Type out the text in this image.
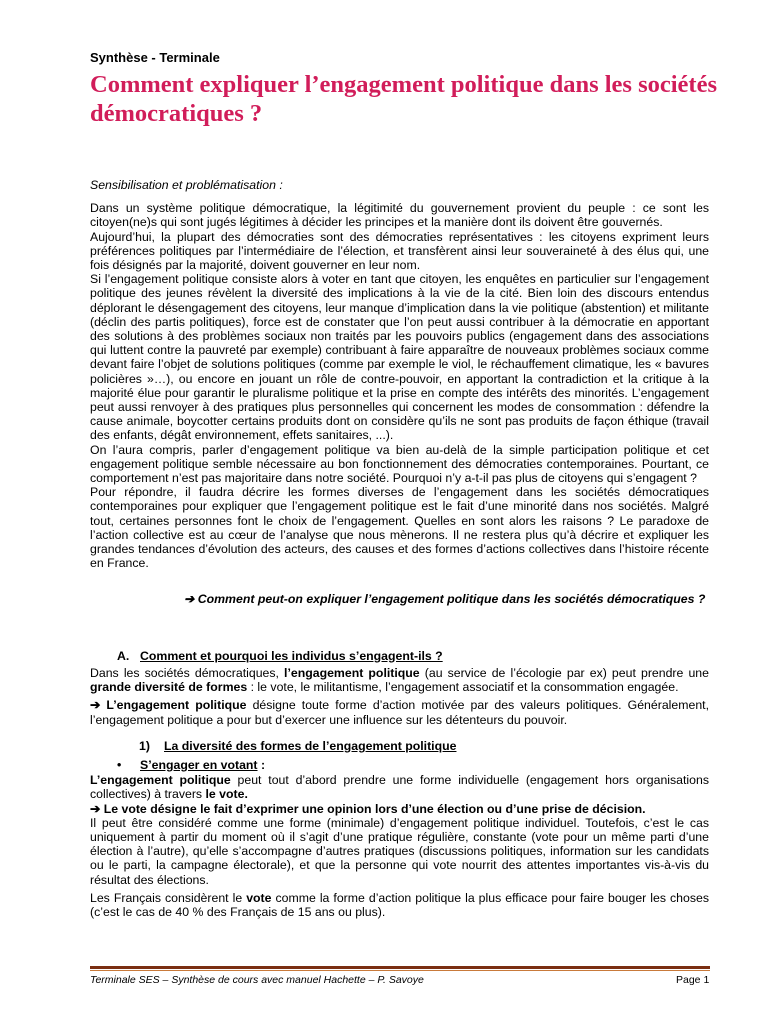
Synthèse - Terminale
Comment expliquer l’engagement politique dans les sociétés démocratiques ?

Sensibilisation et problématisation :

Dans un système politique démocratique, la légitimité du gouvernement provient du peuple : ce sont les citoyen(ne)s qui sont jugés légitimes à décider les principes et la manière dont ils doivent être gouvernés.

Aujourd’hui, la plupart des démocraties sont des démocraties représentatives : les citoyens expriment leurs préférences politiques par l’intermédiaire de l’élection, et transfèrent ainsi leur souveraineté à des élus qui, une fois désignés par la majorité, doivent gouverner en leur nom.

Si l’engagement politique consiste alors à voter en tant que citoyen, les enquêtes en particulier sur l’engagement politique des jeunes révèlent la diversité des implications à la vie de la cité. Bien loin des discours entendus déplorant le désengagement des citoyens, leur manque d’implication dans la vie politique (abstention) et militante (déclin des partis politiques), force est de constater que l’on peut aussi contribuer à la démocratie en apportant des solutions à des problèmes sociaux non traités par les pouvoirs publics (engagement dans des associations qui luttent contre la pauvreté par exemple) contribuant à faire apparaître de nouveaux problèmes sociaux comme devant faire l’objet de solutions politiques (comme par exemple le viol, le réchauffement climatique, les « bavures policières »…), ou encore en jouant un rôle de contre-pouvoir, en apportant la contradiction et la critique à la majorité élue pour garantir le pluralisme politique et la prise en compte des intérêts des minorités. L’engagement peut aussi renvoyer à des pratiques plus personnelles qui concernent les modes de consommation : défendre la cause animale, boycotter certains produits dont on considère qu’ils ne sont pas produits de façon éthique (travail des enfants, dégât environnement, effets sanitaires, ...).

On l’aura compris, parler d’engagement politique va bien au-delà de la simple participation politique et cet engagement politique semble nécessaire au bon fonctionnement des démocraties contemporaines. Pourtant, ce comportement n’est pas majoritaire dans notre société. Pourquoi n’y a-t-il pas plus de citoyens qui s’engagent ?

Pour répondre, il faudra décrire les formes diverses de l’engagement dans les sociétés démocratiques contemporaines pour expliquer que l’engagement politique est le fait d’une minorité dans nos sociétés. Malgré tout, certaines personnes font le choix de l’engagement. Quelles en sont alors les raisons ? Le paradoxe de l’action collective est au cœur de l’analyse que nous mènerons. Il ne restera plus qu’à décrire et expliquer les grandes tendances d’évolution des acteurs, des causes et des formes d’actions collectives dans l’histoire récente en France.

➔ Comment peut-on expliquer l’engagement politique dans les sociétés démocratiques ?

A. Comment et pourquoi les individus s’engagent-ils ?

Dans les sociétés démocratiques, l’engagement politique (au service de l’écologie par ex) peut prendre une grande diversité de formes : le vote, le militantisme, l’engagement associatif et la consommation engagée.

➔ L’engagement politique désigne toute forme d’action motivée par des valeurs politiques. Généralement, l’engagement politique a pour but d’exercer une influence sur les détenteurs du pouvoir.

1) La diversité des formes de l’engagement politique

• S’engager en votant :

L’engagement politique peut tout d’abord prendre une forme individuelle (engagement hors organisations collectives) à travers le vote.

➔ Le vote désigne le fait d’exprimer une opinion lors d’une élection ou d’une prise de décision.

Il peut être considéré comme une forme (minimale) d’engagement politique individuel. Toutefois, c’est le cas uniquement à partir du moment où il s’agit d’une pratique régulière, constante (vote pour un même parti d’une élection à l’autre), qu’elle s’accompagne d’autres pratiques (discussions politiques, information sur les candidats ou le parti, la campagne électorale), et que la personne qui vote nourrit des attentes importantes vis-à-vis du résultat des élections.

Les Français considèrent le vote comme la forme d’action politique la plus efficace pour faire bouger les choses (c’est le cas de 40 % des Français de 15 ans ou plus).

Terminale SES – Synthèse de cours avec manuel Hachette – P. Savoye	Page 1
